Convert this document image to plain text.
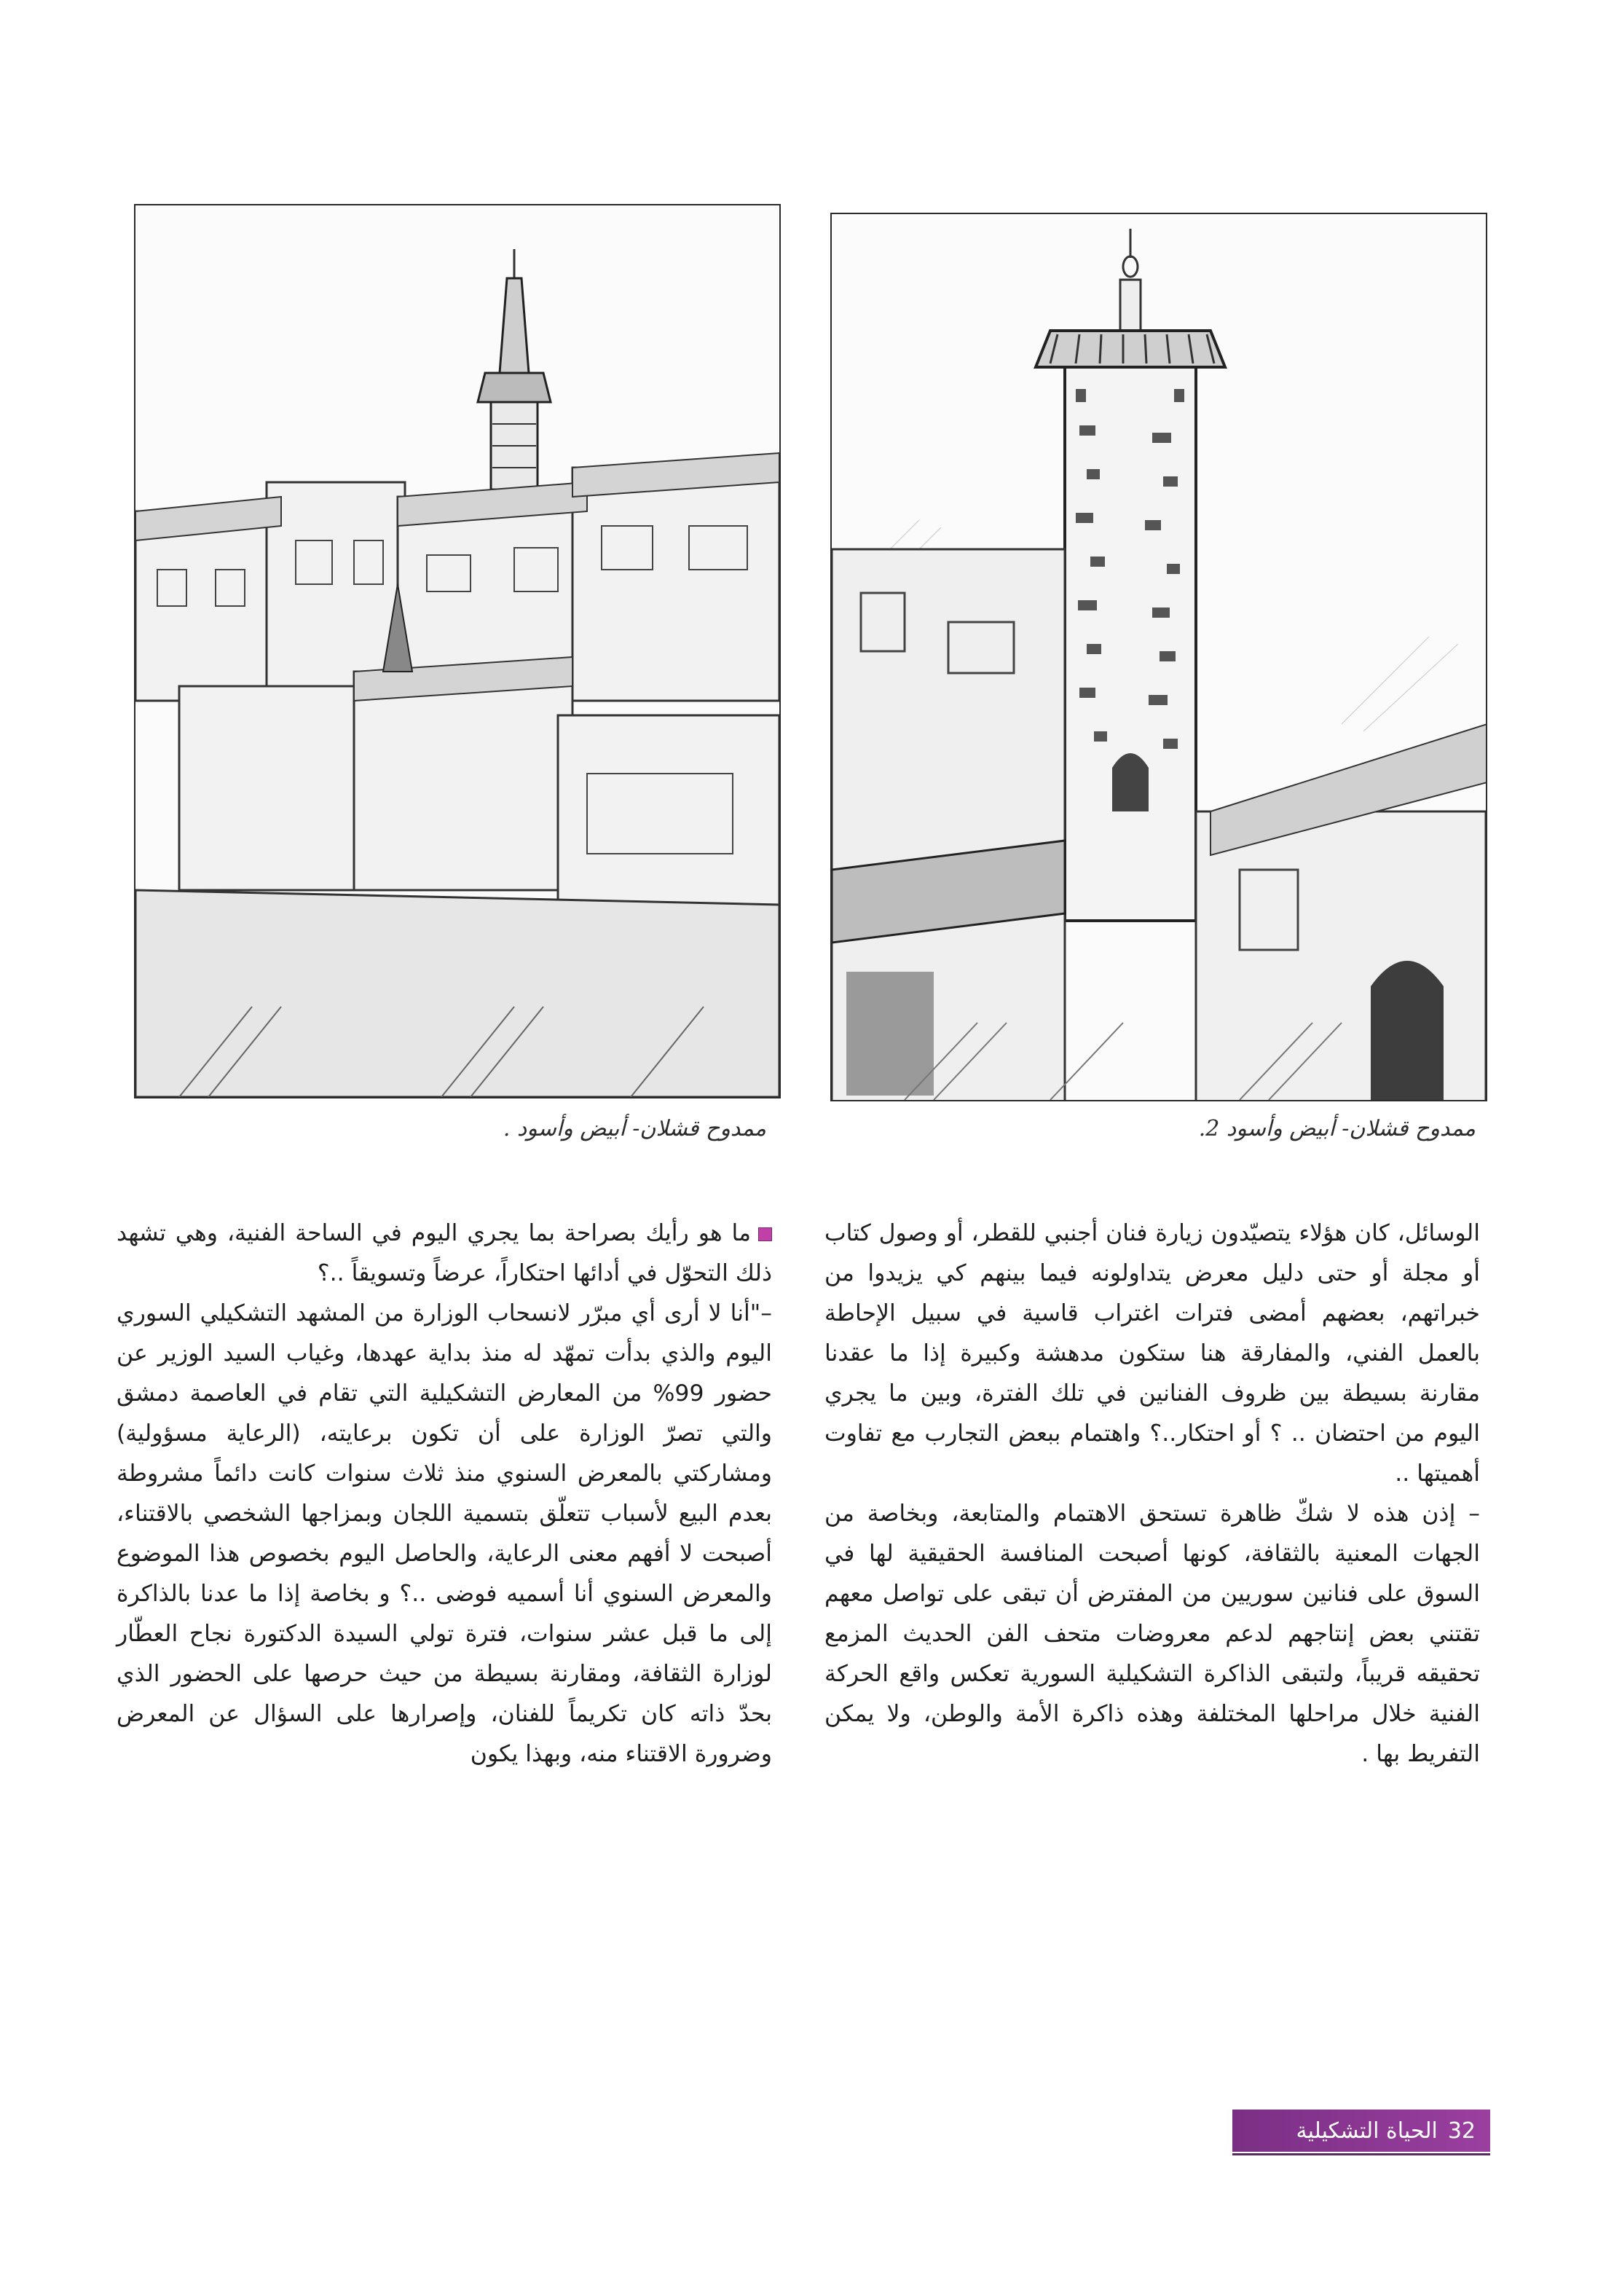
ممدوح قشلان- أبيض وأسود 2.
ممدوح قشلان- أبيض وأسود .

الوسائل، كان هؤلاء يتصيّدون زيارة فنان أجنبي للقطر، أو وصول كتاب أو مجلة أو حتى دليل معرض يتداولونه فيما بينهم كي يزيدوا من خبراتهم، بعضهم أمضى فترات اغتراب قاسية في سبيل الإحاطة بالعمل الفني، والمفارقة هنا ستكون مدهشة وكبيرة إذا ما عقدنا مقارنة بسيطة بين ظروف الفنانين في تلك الفترة، وبين ما يجري اليوم من احتضان .. ؟ أو احتكار..؟ واهتمام ببعض التجارب مع تفاوت أهميتها ..

– إذن هذه لا شكّ ظاهرة تستحق الاهتمام والمتابعة، وبخاصة من الجهات المعنية بالثقافة، كونها أصبحت المنافسة الحقيقية لها في السوق على فنانين سوريين من المفترض أن تبقى على تواصل معهم تقتني بعض إنتاجهم لدعم معروضات متحف الفن الحديث المزمع تحقيقه قريباً، ولتبقى الذاكرة التشكيلية السورية تعكس واقع الحركة الفنية خلال مراحلها المختلفة وهذه ذاكرة الأمة والوطن، ولا يمكن التفريط بها .

ما هو رأيك بصراحة بما يجري اليوم في الساحة الفنية، وهي تشهد ذلك التحوّل في أدائها احتكاراً، عرضاً وتسويقاً ..؟

–"أنا لا أرى أي مبرّر لانسحاب الوزارة من المشهد التشكيلي السوري اليوم والذي بدأت تمهّد له منذ بداية عهدها، وغياب السيد الوزير عن حضور 99% من المعارض التشكيلية التي تقام في العاصمة دمشق والتي تصرّ الوزارة على أن تكون برعايته، (الرعاية مسؤولية) ومشاركتي بالمعرض السنوي منذ ثلاث سنوات كانت دائماً مشروطة بعدم البيع لأسباب تتعلّق بتسمية اللجان وبمزاجها الشخصي بالاقتناء، أصبحت لا أفهم معنى الرعاية، والحاصل اليوم بخصوص هذا الموضوع والمعرض السنوي أنا أسميه فوضى ..؟ و بخاصة إذا ما عدنا بالذاكرة إلى ما قبل عشر سنوات، فترة تولي السيدة الدكتورة نجاح العطّار لوزارة الثقافة، ومقارنة بسيطة من حيث حرصها على الحضور الذي بحدّ ذاته كان تكريماً للفنان، وإصرارها على السؤال عن المعرض وضرورة الاقتناء منه، وبهذا يكون

الحياة التشكيلية 32
